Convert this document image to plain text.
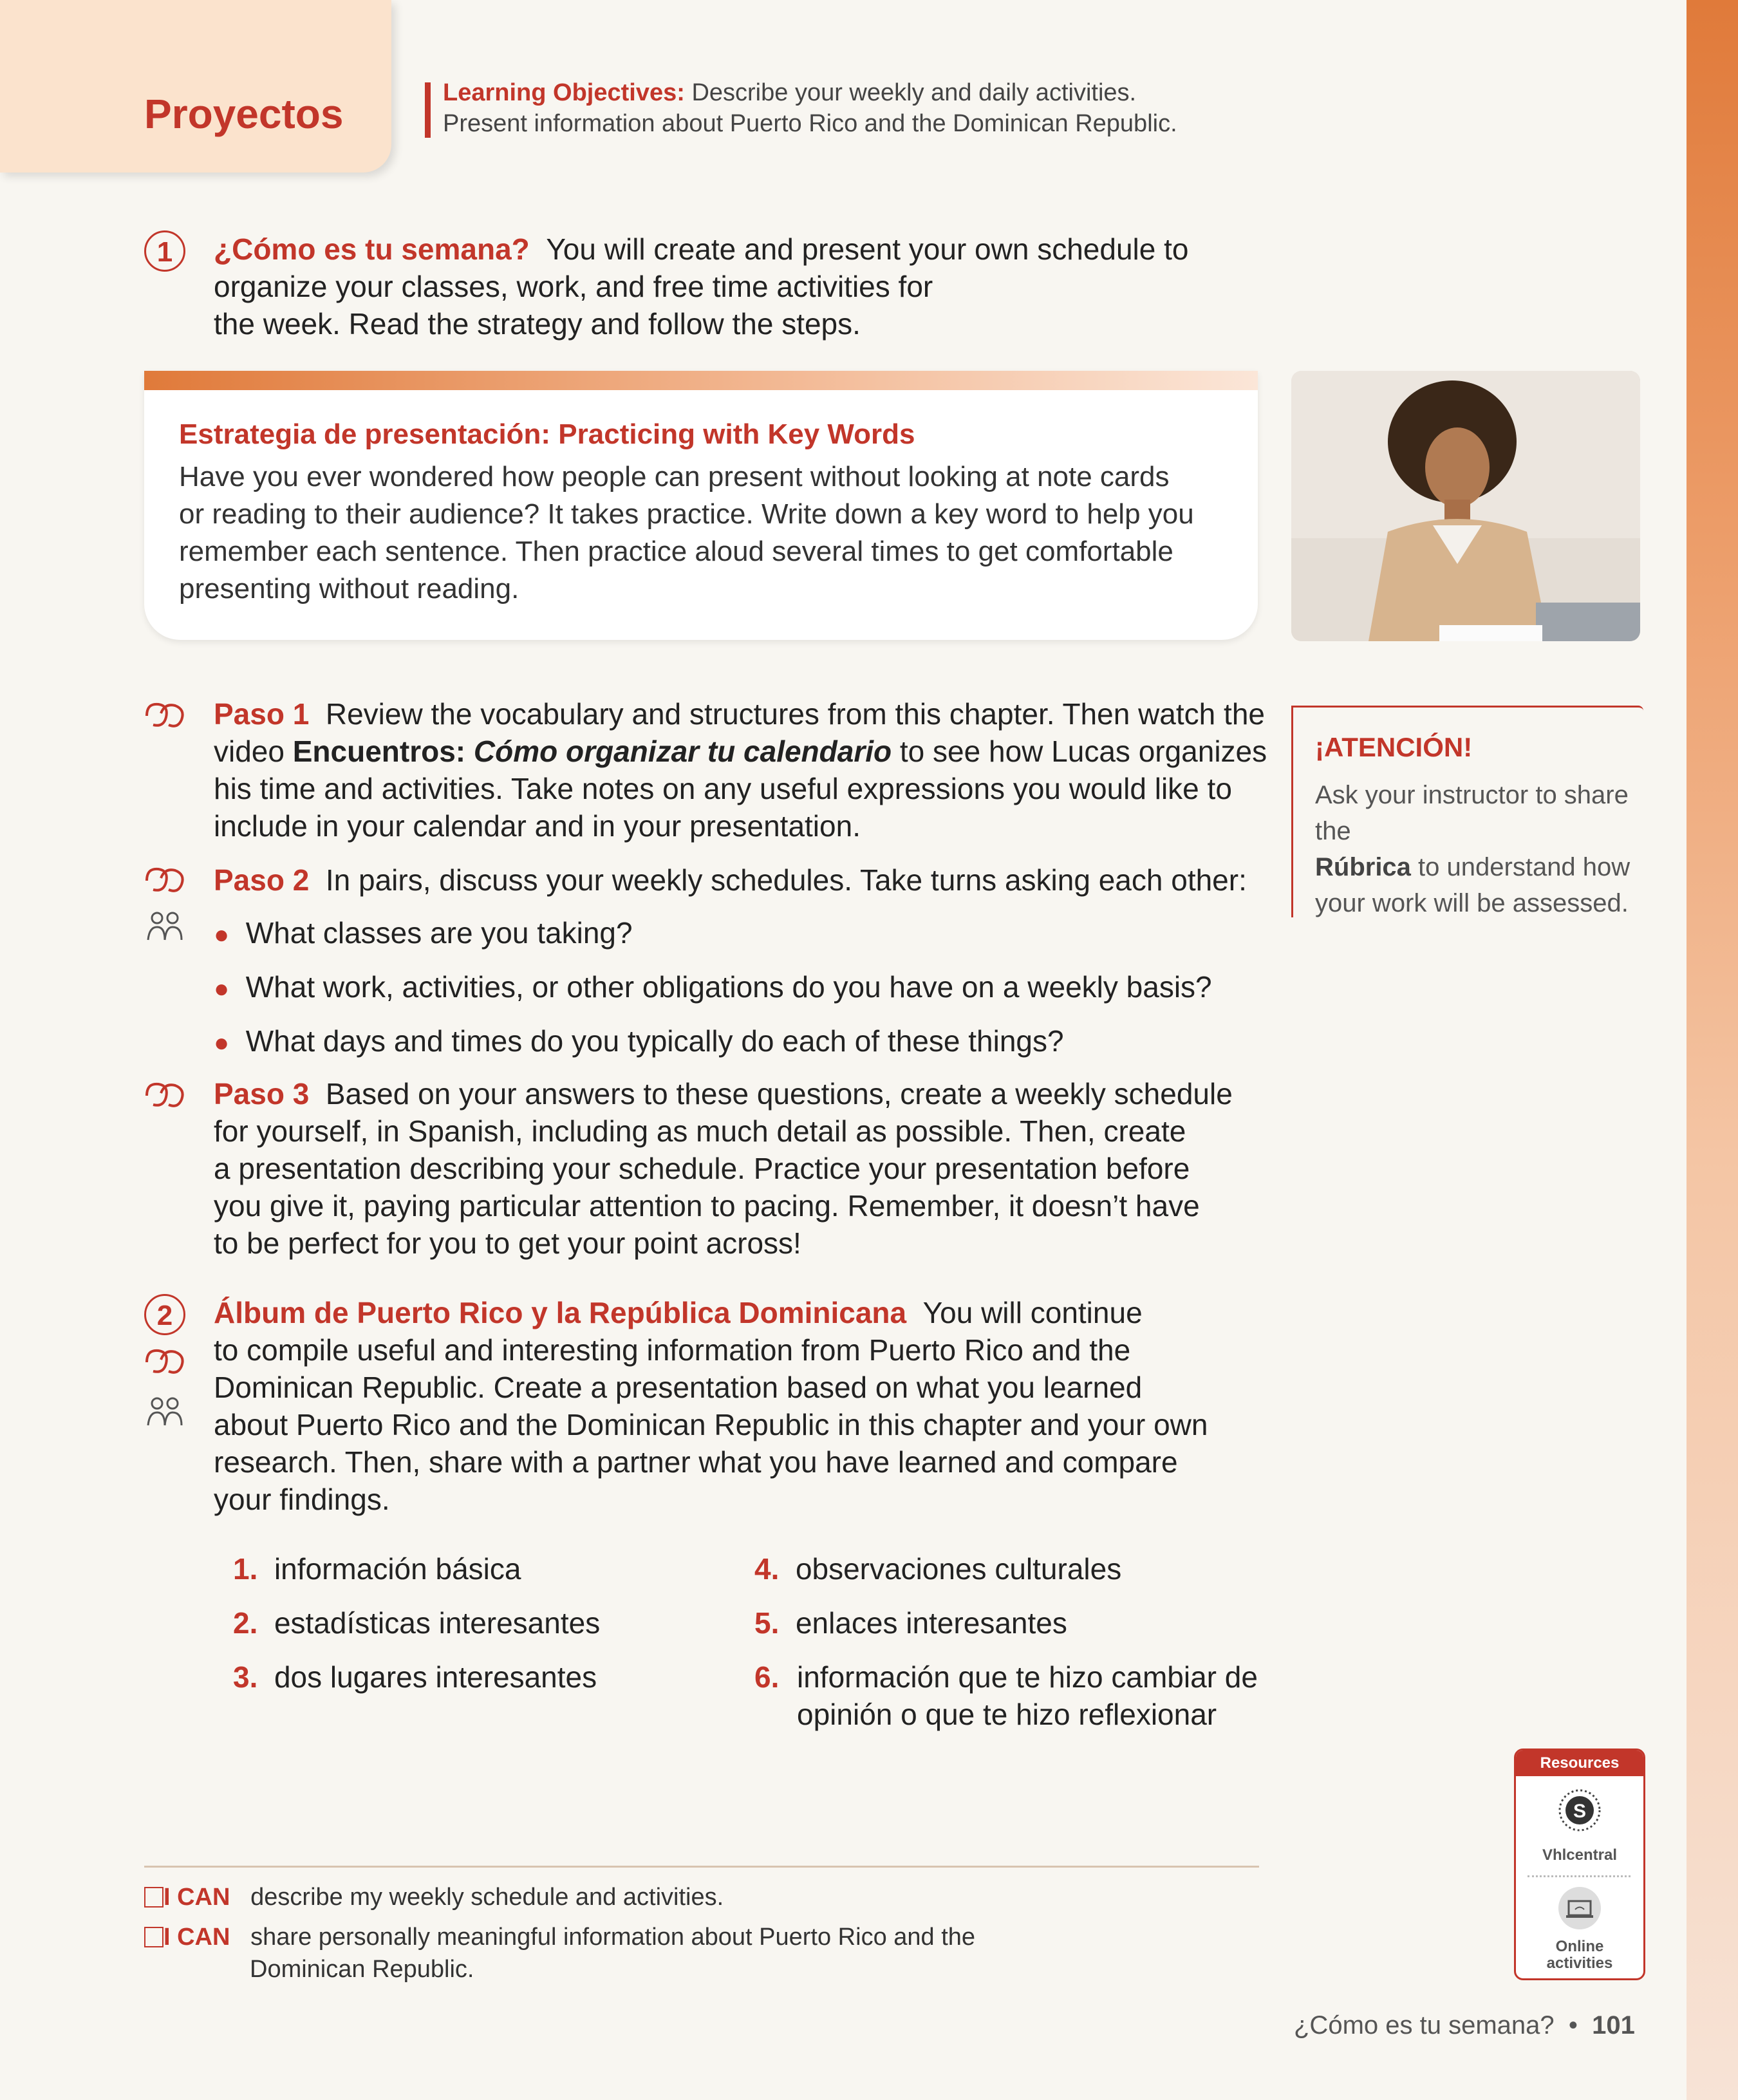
Proyectos	Learning Objectives: Describe your weekly and daily activities.
Present information about Puerto Rico and the Dominican Republic.
1	¿Cómo es tu semana? You will create and present your own schedule to
organize your classes, work, and free time activities for
the week. Read the strategy and follow the steps.
Estrategia de presentación: Practicing with Key Words
Have you ever wondered how people can present without looking at note cards
or reading to their audience? It takes practice. Write down a key word to help you
remember each sentence. Then practice aloud several times to get comfortable
presenting without reading.
¡ATENCIÓN!
Ask your instructor to share the
Rúbrica to understand how
your work will be assessed.
Paso 1 Review the vocabulary and structures from this chapter. Then watch the
video Encuentros: Cómo organizar tu calendario to see how Lucas organizes
his time and activities. Take notes on any useful expressions you would like to
include in your calendar and in your presentation.
Paso 2 In pairs, discuss your weekly schedules. Take turns asking each other:
● What classes are you taking?
● What work, activities, or other obligations do you have on a weekly basis?
● What days and times do you typically do each of these things?
Paso 3 Based on your answers to these questions, create a weekly schedule
for yourself, in Spanish, including as much detail as possible. Then, create
a presentation describing your schedule. Practice your presentation before
you give it, paying particular attention to pacing. Remember, it doesn’t have
to be perfect for you to get your point across!
2	Álbum de Puerto Rico y la República Dominicana You will continue
to compile useful and interesting information from Puerto Rico and the
Dominican Republic. Create a presentation based on what you learned
about Puerto Rico and the Dominican Republic in this chapter and your own
research. Then, share with a partner what you have learned and compare
your findings.
1. información básica
2. estadísticas interesantes
3. dos lugares interesantes
4. observaciones culturales
5. enlaces interesantes
6. información que te hizo cambiar de
opinión o que te hizo reflexionar
I CAN describe my weekly schedule and activities.
I CAN share personally meaningful information about Puerto Rico and the
Dominican Republic.
Resources
S
Vhlcentral
Online
activities
¿Cómo es tu semana? • 101
